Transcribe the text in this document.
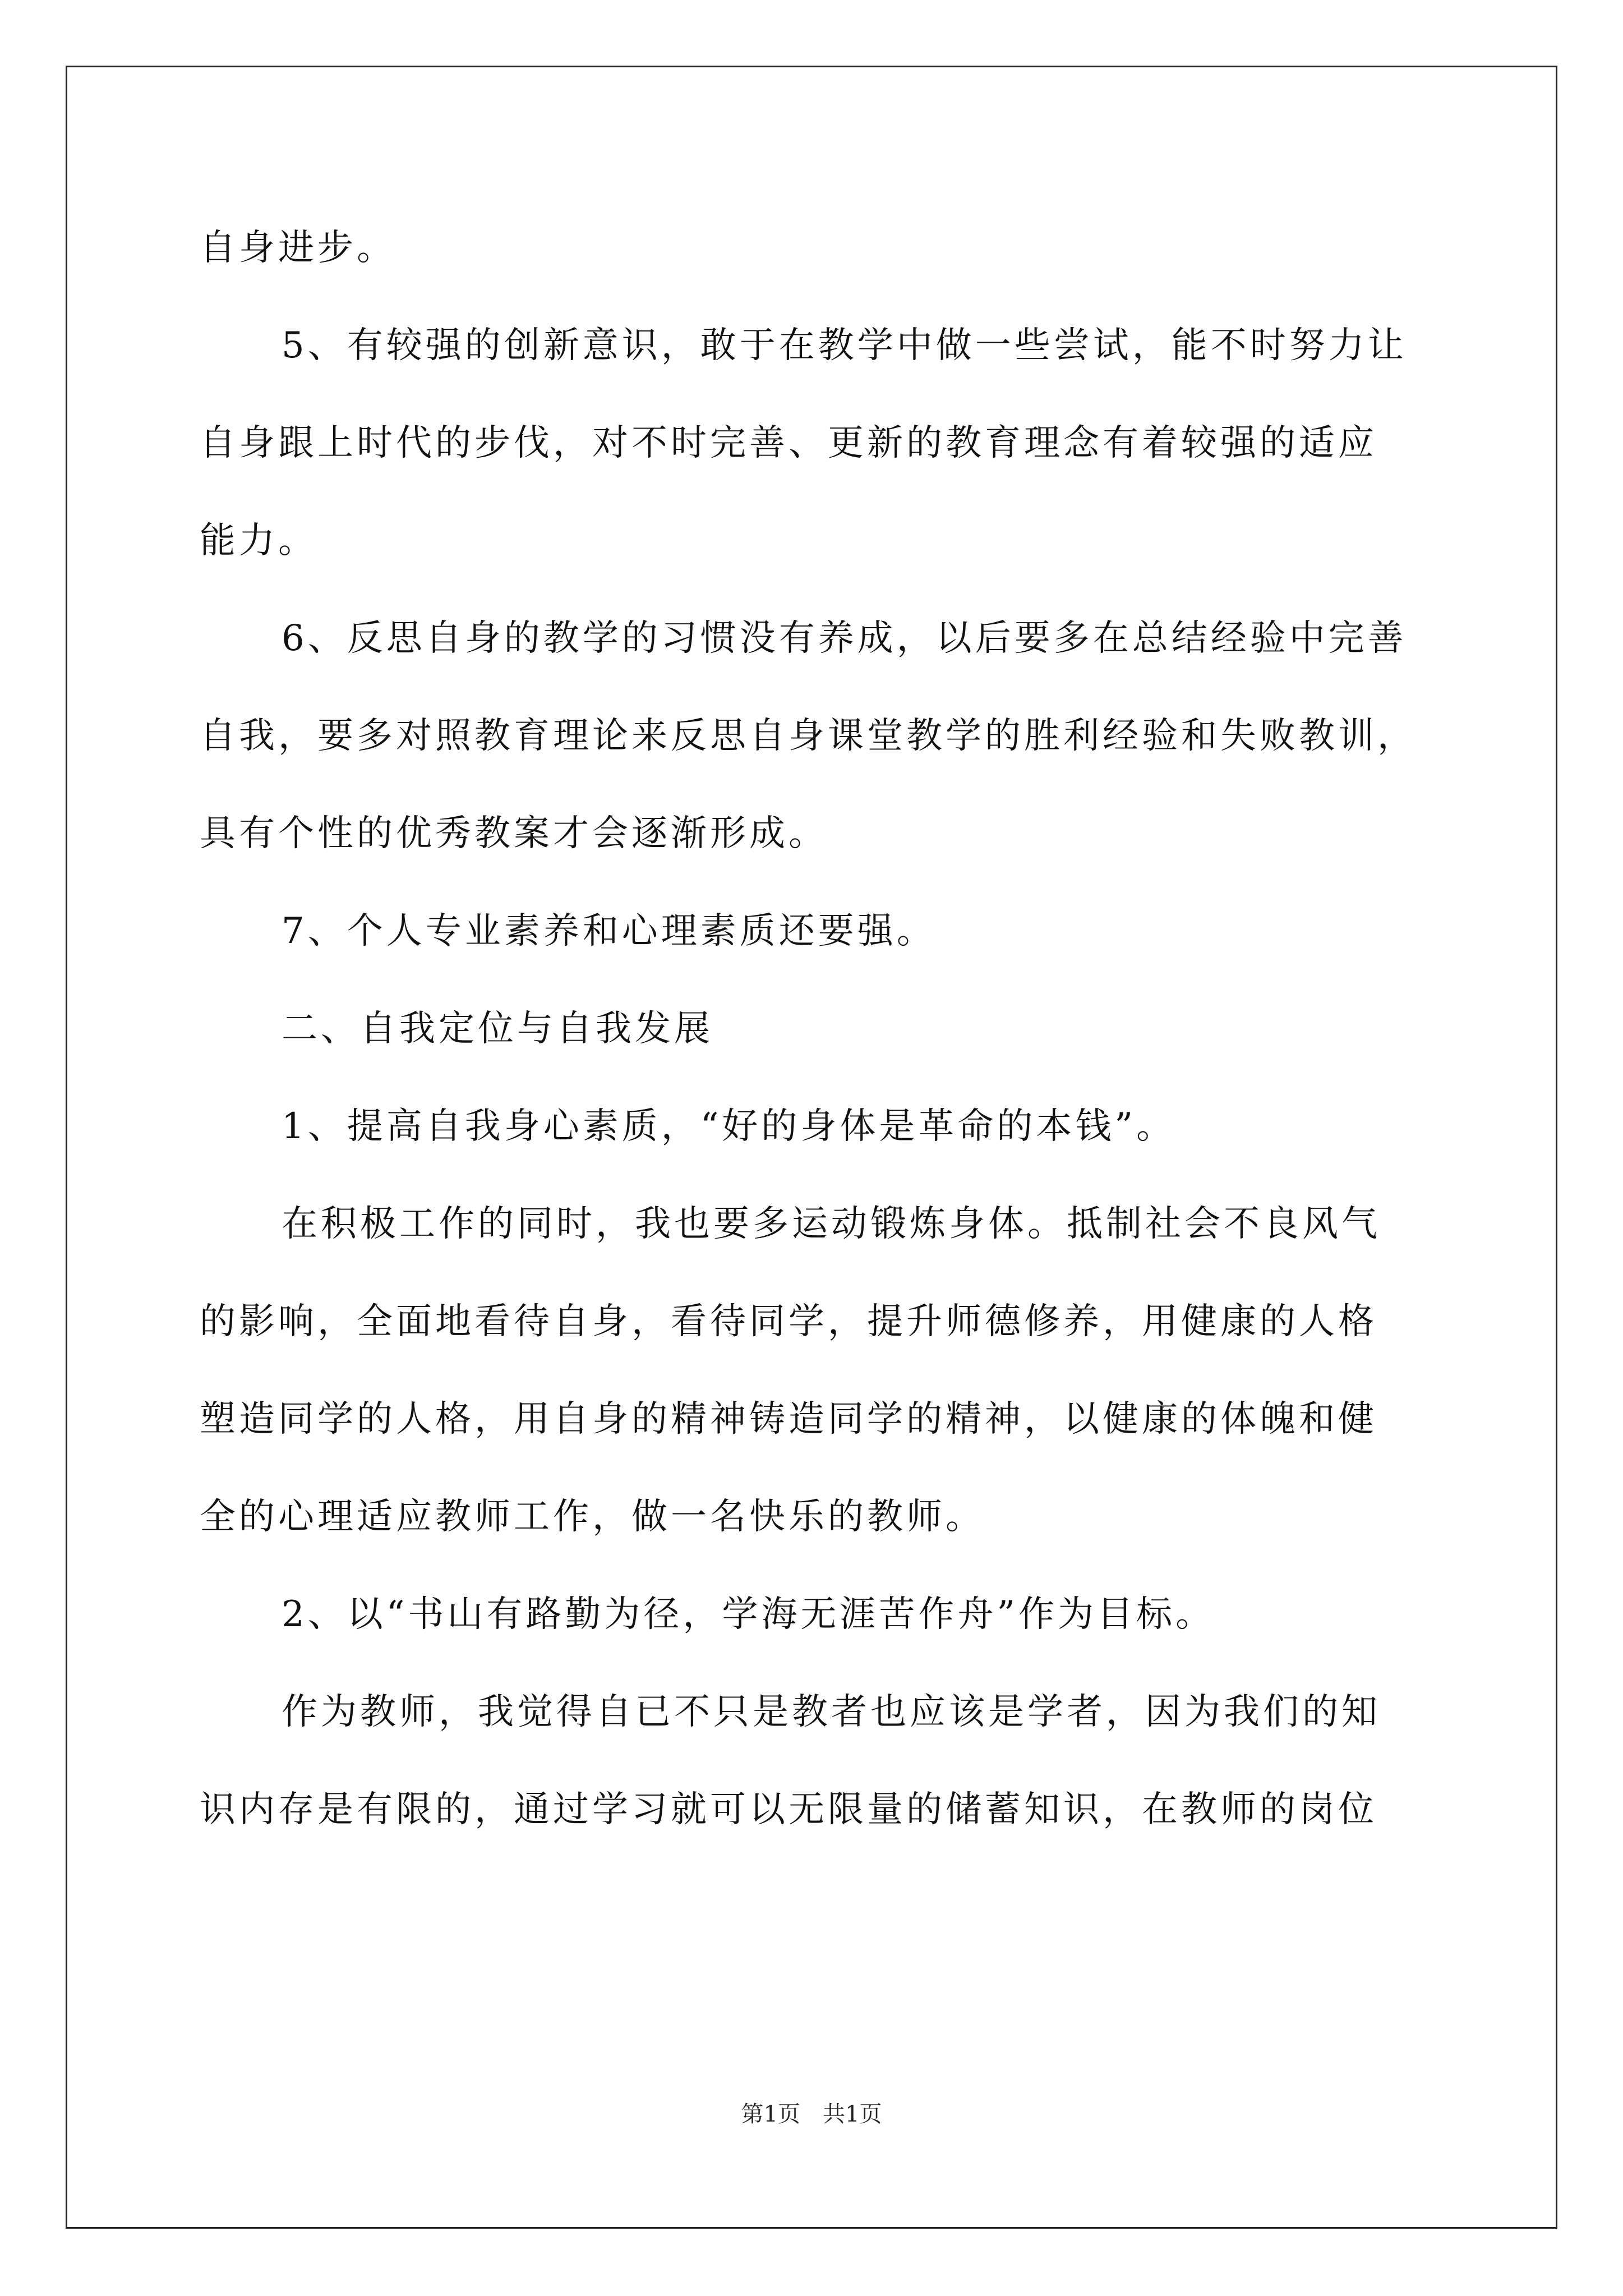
自身进步。

5、有较强的创新意识，敢于在教学中做一些尝试，能不时努力让

自身跟上时代的步伐，对不时完善、更新的教育理念有着较强的适应

能力。

6、反思自身的教学的习惯没有养成，以后要多在总结经验中完善

自我，要多对照教育理论来反思自身课堂教学的胜利经验和失败教训，

具有个性的优秀教案才会逐渐形成。

7、个人专业素养和心理素质还要强。

二、自我定位与自我发展

1、提高自我身心素质，“好的身体是革命的本钱”。

在积极工作的同时，我也要多运动锻炼身体。抵制社会不良风气

的影响，全面地看待自身，看待同学，提升师德修养，用健康的人格

塑造同学的人格，用自身的精神铸造同学的精神，以健康的体魄和健

全的心理适应教师工作，做一名快乐的教师。

2、以“书山有路勤为径，学海无涯苦作舟”作为目标。

作为教师，我觉得自已不只是教者也应该是学者，因为我们的知

识内存是有限的，通过学习就可以无限量的储蓄知识，在教师的岗位

第1页　共1页
